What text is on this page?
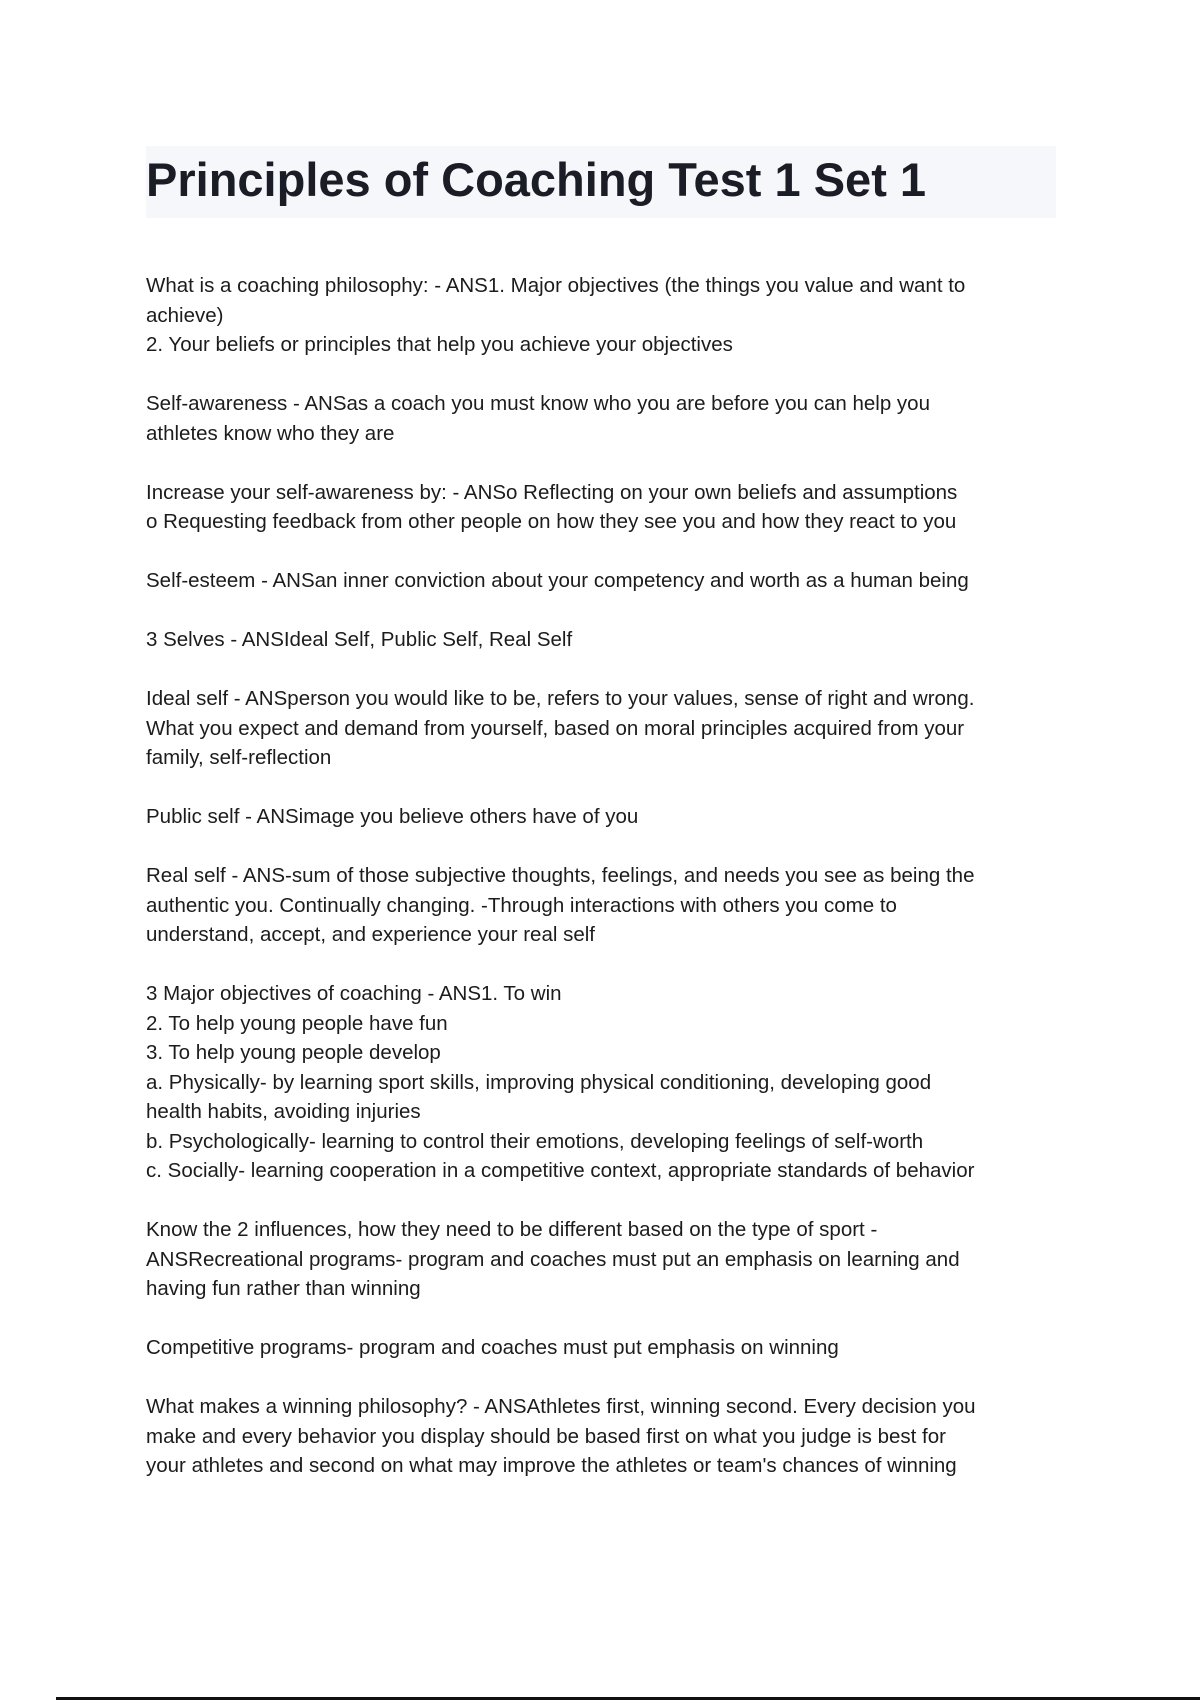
Principles of Coaching Test 1 Set 1
What is a coaching philosophy: - ANS1. Major objectives (the things you value and want to
achieve)
2. Your beliefs or principles that help you achieve your objectives
Self-awareness - ANSas a coach you must know who you are before you can help you
athletes know who they are
Increase your self-awareness by: - ANSo Reflecting on your own beliefs and assumptions
o Requesting feedback from other people on how they see you and how they react to you
Self-esteem - ANSan inner conviction about your competency and worth as a human being
3 Selves - ANSIdeal Self, Public Self, Real Self
Ideal self - ANSperson you would like to be, refers to your values, sense of right and wrong.
What you expect and demand from yourself, based on moral principles acquired from your
family, self-reflection
Public self - ANSimage you believe others have of you
Real self - ANS-sum of those subjective thoughts, feelings, and needs you see as being the
authentic you. Continually changing. -Through interactions with others you come to
understand, accept, and experience your real self
3 Major objectives of coaching - ANS1. To win
2. To help young people have fun
3. To help young people develop
a. Physically- by learning sport skills, improving physical conditioning, developing good
health habits, avoiding injuries
b. Psychologically- learning to control their emotions, developing feelings of self-worth
c. Socially- learning cooperation in a competitive context, appropriate standards of behavior
Know the 2 influences, how they need to be different based on the type of sport -
ANSRecreational programs- program and coaches must put an emphasis on learning and
having fun rather than winning
Competitive programs- program and coaches must put emphasis on winning
What makes a winning philosophy? - ANSAthletes first, winning second. Every decision you
make and every behavior you display should be based first on what you judge is best for
your athletes and second on what may improve the athletes or team's chances of winning
